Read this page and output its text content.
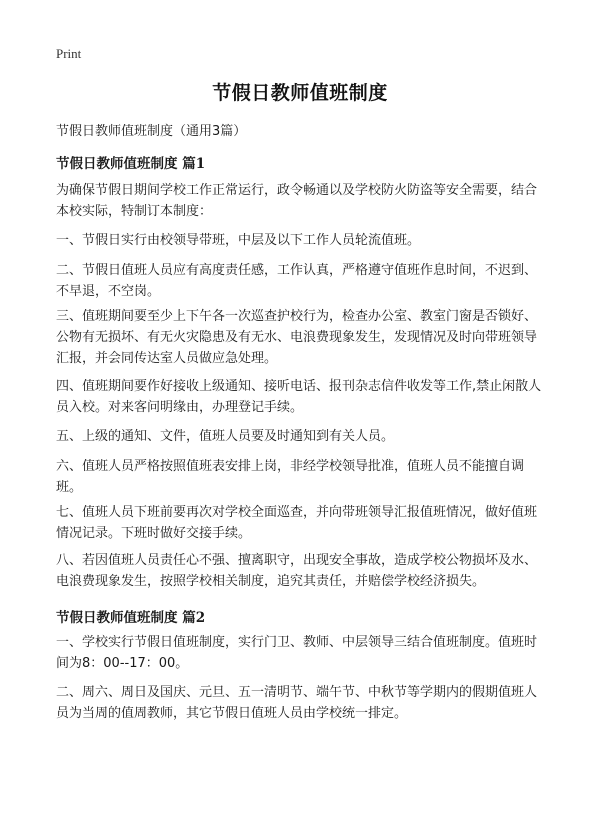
Print
节假日教师值班制度
节假日教师值班制度（通用3篇）
节假日教师值班制度 篇1

为确保节假日期间学校工作正常运行，政令畅通以及学校防火防盗等安全需要，结合本校实际，特制订本制度：

一、节假日实行由校领导带班，中层及以下工作人员轮流值班。

二、节假日值班人员应有高度责任感，工作认真，严格遵守值班作息时间，不迟到、不早退，不空岗。

三、值班期间要至少上下午各一次巡查护校行为，检查办公室、教室门窗是否锁好、公物有无损坏、有无火灾隐患及有无水、电浪费现象发生，发现情况及时向带班领导汇报，并会同传达室人员做应急处理。

四、值班期间要作好接收上级通知、接听电话、报刊杂志信件收发等工作,禁止闲散人员入校。对来客问明缘由，办理登记手续。

五、上级的通知、文件，值班人员要及时通知到有关人员。

六、值班人员严格按照值班表安排上岗，非经学校领导批准，值班人员不能擅自调班。

七、值班人员下班前要再次对学校全面巡查，并向带班领导汇报值班情况，做好值班情况记录。下班时做好交接手续。

八、若因值班人员责任心不强、擅离职守，出现安全事故，造成学校公物损坏及水、电浪费现象发生，按照学校相关制度，追究其责任，并赔偿学校经济损失。

节假日教师值班制度 篇2

一、学校实行节假日值班制度，实行门卫、教师、中层领导三结合值班制度。值班时间为8：00--17：00。

二、周六、周日及国庆、元旦、五一清明节、端午节、中秋节等学期内的假期值班人员为当周的值周教师，其它节假日值班人员由学校统一排定。
